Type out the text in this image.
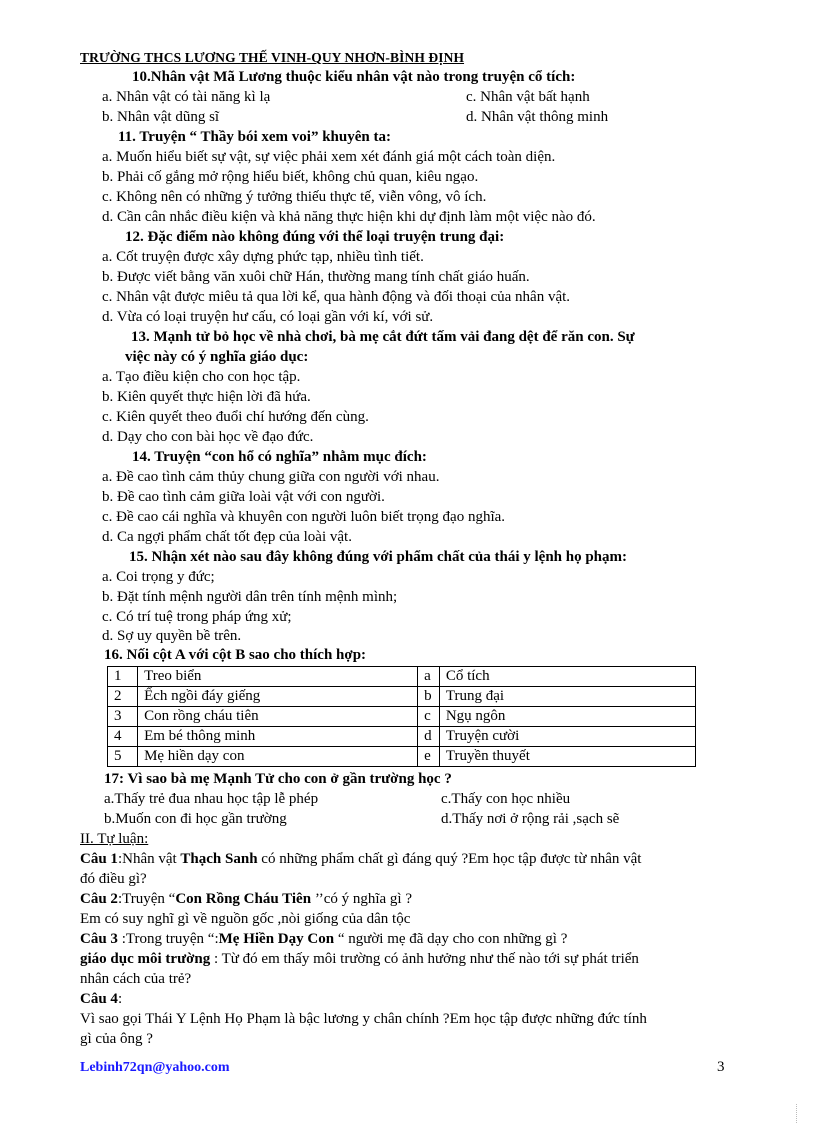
TRƯỜNG THCS LƯƠNG THẾ VINH-QUY NHƠN-BÌNH ĐỊNH
10.Nhân vật Mã Lương thuộc kiểu nhân vật nào trong truyện cổ tích:
a. Nhân vật có tài năng kì lạ	c. Nhân vật bất hạnh
b. Nhân vật dũng sĩ	d. Nhân vật thông minh
11. Truyện “ Thầy bói xem voi” khuyên ta:
a. Muốn hiểu biết sự vật, sự việc phải xem xét đánh giá một cách toàn diện.
b. Phải cố gắng mở rộng hiểu biết, không chủ quan, kiêu ngạo.
c. Không nên có những ý tưởng thiếu thực tế, viễn vông, vô ích.
d. Cần cân nhắc điều kiện và khả năng thực hiện khi dự định làm một việc nào đó.
12. Đặc điểm nào không đúng với thể loại truyện trung đại:
a. Cốt truyện được xây dựng phức tạp, nhiều tình tiết.
b. Được viết bằng văn xuôi chữ Hán, thường mang tính chất giáo huấn.
c. Nhân vật được miêu tả qua lời kể, qua hành động và đối thoại của nhân vật.
d. Vừa có loại truyện hư cấu, có loại gần với kí, với sử.
13. Mạnh tử bỏ học về nhà chơi, bà mẹ cắt đứt tấm vải đang dệt để răn con. Sự
việc này có ý nghĩa giáo dục:
a. Tạo điều kiện cho con học tập.
b. Kiên quyết thực hiện lời đã hứa.
c. Kiên quyết theo đuổi chí hướng đến cùng.
d. Dạy cho con bài học về đạo đức.
14. Truyện “con hổ có nghĩa” nhằm mục đích:
a. Đề cao tình cảm thủy chung giữa con người với nhau.
b. Đề cao tình cảm giữa loài vật với con người.
c. Đề cao cái nghĩa và khuyên con người luôn biết trọng đạo nghĩa.
d. Ca ngợi phẩm chất tốt đẹp của loài vật.
15. Nhận xét nào sau đây không đúng với phẩm chất của thái y lệnh họ phạm:
a. Coi trọng y đức;
b. Đặt tính mệnh người dân trên tính mệnh mình;
c. Có trí tuệ trong pháp ứng xử;
d. Sợ uy quyền bề trên.
16. Nối cột A với cột B sao cho thích hợp:
1	Treo biển	a	Cổ tích
2	Ếch ngồi đáy giếng	b	Trung đại
3	Con rồng cháu tiên	c	Ngụ ngôn
4	Em bé thông minh	d	Truyện cười
5	Mẹ hiền dạy con	e	Truyền thuyết
17: Vì sao bà mẹ Mạnh Tử cho con ở gần trường học ?
a.Thấy trẻ đua nhau học tập lễ phép	c.Thấy con học nhiều
b.Muốn con đi học gần trường	d.Thấy nơi ở rộng rải ,sạch sẽ
II. Tự luận:
Câu 1:Nhân vật Thạch Sanh có những phẩm chất gì đáng quý ?Em học tập được từ nhân vật
đó điều gì?
Câu 2:Truyện “Con Rồng Cháu Tiên ’’có ý nghĩa gì ?
Em có suy nghĩ gì về nguồn gốc ,nòi giống của dân tộc
Câu 3 :Trong truyện “:Mẹ Hiền Dạy Con “ người mẹ đã dạy cho con những gì ?
giáo dục môi trường : Từ đó em thấy môi trường có ảnh hưởng như thế nào tới sự phát triển
nhân cách của trẻ?
Câu 4:
Vì sao gọi Thái Y Lệnh Họ Phạm là bậc lương y chân chính ?Em học tập được những đức tính
gì của ông ?
Lebinh72qn@yahoo.com	3
